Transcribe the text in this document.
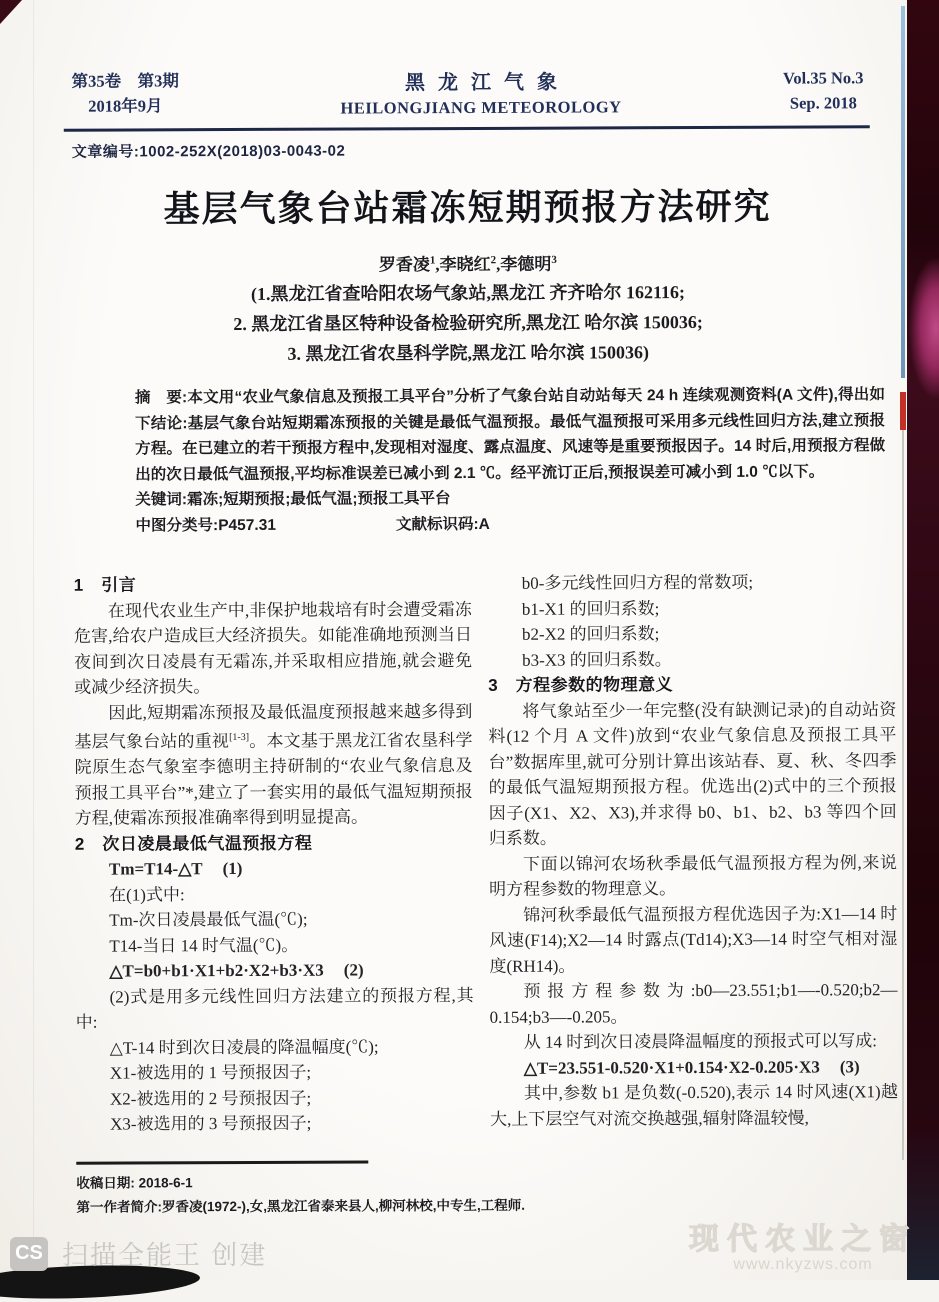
第35卷　第3期
2018年9月
黑龙江气象
HEILONGJIANG METEOROLOGY
Vol.35 No.3
Sep. 2018
文章编号:1002-252X(2018)03-0043-02
基层气象台站霜冻短期预报方法研究
罗香凌$^1$,李晓红$^2$,李德明$^3$
(1.黑龙江省查哈阳农场气象站,黑龙江 齐齐哈尔 162116;
2. 黑龙江省垦区特种设备检验研究所,黑龙江 哈尔滨 150036;
3. 黑龙江省农垦科学院,黑龙江 哈尔滨 150036)
摘　要:本文用“农业气象信息及预报工具平台”分析了气象台站自动站每天 24 h 连续观测资料(A 文件),得出如下结论:基层气象台站短期霜冻预报的关键是最低气温预报。最低气温预报可采用多元线性回归方法,建立预报方程。在已建立的若干预报方程中,发现相对湿度、露点温度、风速等是重要预报因子。14 时后,用预报方程做出的次日最低气温预报,平均标准误差已减小到 2.1 ℃。经平流订正后,预报误差可减小到 1.0 ℃以下。
关键词:霜冻;短期预报;最低气温;预报工具平台
中图分类号:P457.31	文献标识码:A
1　引言

在现代农业生产中,非保护地栽培有时会遭受霜冻危害,给农户造成巨大经济损失。如能准确地预测当日夜间到次日凌晨有无霜冻,并采取相应措施,就会避免或减少经济损失。

因此,短期霜冻预报及最低温度预报越来越多得到基层气象台站的重视[1-3]。本文基于黑龙江省农垦科学院原生态气象室李德明主持研制的“农业气象信息及预报工具平台”*,建立了一套实用的最低气温短期预报方程,使霜冻预报准确率得到明显提高。

2　次日凌晨最低气温预报方程
Tm=T14-△T (1)
在(1)式中:
Tm-次日凌晨最低气温(℃);
T14-当日 14 时气温(℃)。
△T=b0+b1·X1+b2·X2+b3·X3 (2)

(2)式是用多元线性回归方法建立的预报方程,其中:

△T-14 时到次日凌晨的降温幅度(℃);
X1-被选用的 1 号预报因子;
X2-被选用的 2 号预报因子;
X3-被选用的 3 号预报因子;
b0-多元线性回归方程的常数项;
b1-X1 的回归系数;
b2-X2 的回归系数;
b3-X3 的回归系数。
3　方程参数的物理意义

将气象站至少一年完整(没有缺测记录)的自动站资料(12 个月 A 文件)放到“农业气象信息及预报工具平台”数据库里,就可分别计算出该站春、夏、秋、冬四季的最低气温短期预报方程。优选出(2)式中的三个预报因子(X1、X2、X3),并求得 b0、b1、b2、b3 等四个回归系数。

下面以锦河农场秋季最低气温预报方程为例,来说明方程参数的物理意义。

锦河秋季最低气温预报方程优选因子为:X1—14 时风速(F14);X2—14 时露点(Td14);X3—14 时空气相对湿度(RH14)。

预报方程参数为:b0—23.551;b1—-0.520;b2—0.154;b3—-0.205。

从 14 时到次日凌晨降温幅度的预报式可以写成:

△T=23.551-0.520·X1+0.154·X2-0.205·X3 (3)

其中,参数 b1 是负数(-0.520),表示 14 时风速(X1)越大,上下层空气对流交换越强,辐射降温较慢,

收稿日期: 2018-6-1
第一作者简介:罗香凌(1972-),女,黑龙江省泰来县人,柳河林校,中专生,工程师.
CS 扫描全能王 创建	现代农业之窗
www.nkyzws.com
